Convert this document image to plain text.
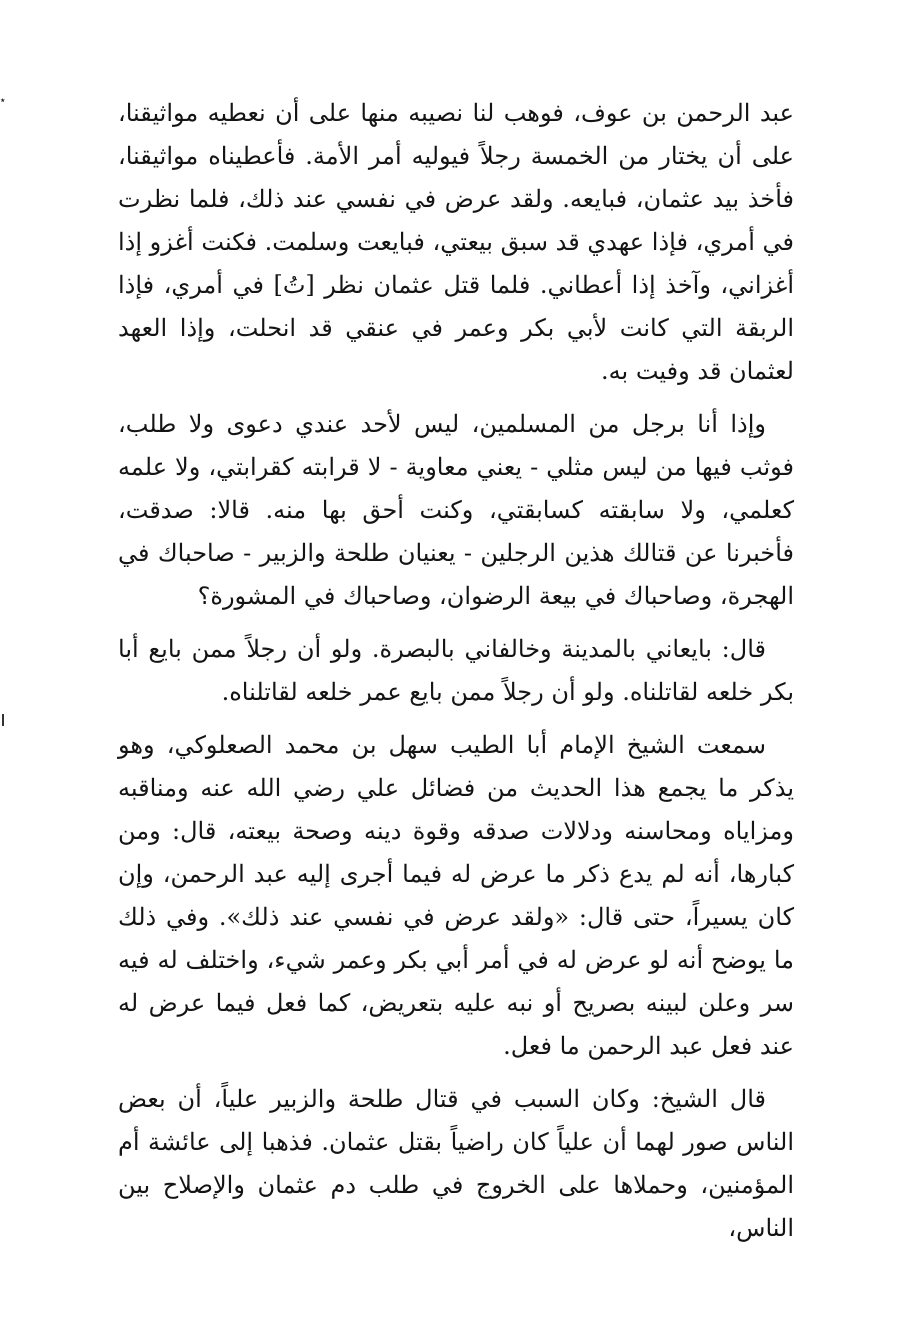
٭	عبد الرحمن بن عوف، فوهب لنا نصيبه منها على أن نعطيه مواثيقنا، على أن يختار من الخمسة رجلاً فيوليه أمر الأمة. فأعطيناه مواثيقنا، فأخذ بيد عثمان، فبايعه. ولقد عرض في نفسي عند ذلك، فلما نظرت في أمري، فإذا عهدي قد سبق بيعتي، فبايعت وسلمت. فكنت أغزو إذا أغزاني، وآخذ إذا أعطاني. فلما قتل عثمان نظر [تُ] في أمري، فإذا الربقة التي كانت لأبي بكر وعمر في عنقي قد انحلت، وإذا العهد لعثمان قد وفيت به.

وإذا أنا برجل من المسلمين، ليس لأحد عندي دعوى ولا طلب، فوثب فيها من ليس مثلي - يعني معاوية - لا قرابته كقرابتي، ولا علمه كعلمي، ولا سابقته كسابقتي، وكنت أحق بها منه. قالا: صدقت، فأخبرنا عن قتالك هذين الرجلين - يعنيان طلحة والزبير - صاحباك في الهجرة، وصاحباك في بيعة الرضوان، وصاحباك في المشورة؟

قال: بايعاني بالمدينة وخالفاني بالبصرة. ولو أن رجلاً ممن بايع أبا بكر خلعه لقاتلناه. ولو أن رجلاً ممن بايع عمر خلعه لقاتلناه.

سمعت الشيخ الإمام أبا الطيب سهل بن محمد الصعلوكي، وهو يذكر ما يجمع هذا الحديث من فضائل علي رضي الله عنه ومناقبه ومزاياه ومحاسنه ودلالات صدقه وقوة دينه وصحة بيعته، قال: ومن كبارها، أنه لم يدع ذكر ما عرض له فيما أجرى إليه عبد الرحمن، وإن كان يسيراً، حتى قال: «ولقد عرض في نفسي عند ذلك». وفي ذلك ما يوضح أنه لو عرض له في أمر أبي بكر وعمر شيء، واختلف له فيه سر وعلن لبينه بصريح أو نبه عليه بتعريض، كما فعل فيما عرض له عند فعل عبد الرحمن ما فعل.

قال الشيخ: وكان السبب في قتال طلحة والزبير علياً، أن بعض الناس صور لهما أن علياً كان راضياً بقتل عثمان. فذهبا إلى عائشة أم المؤمنين، وحملاها على الخروج في طلب دم عثمان والإصلاح بين الناس،
